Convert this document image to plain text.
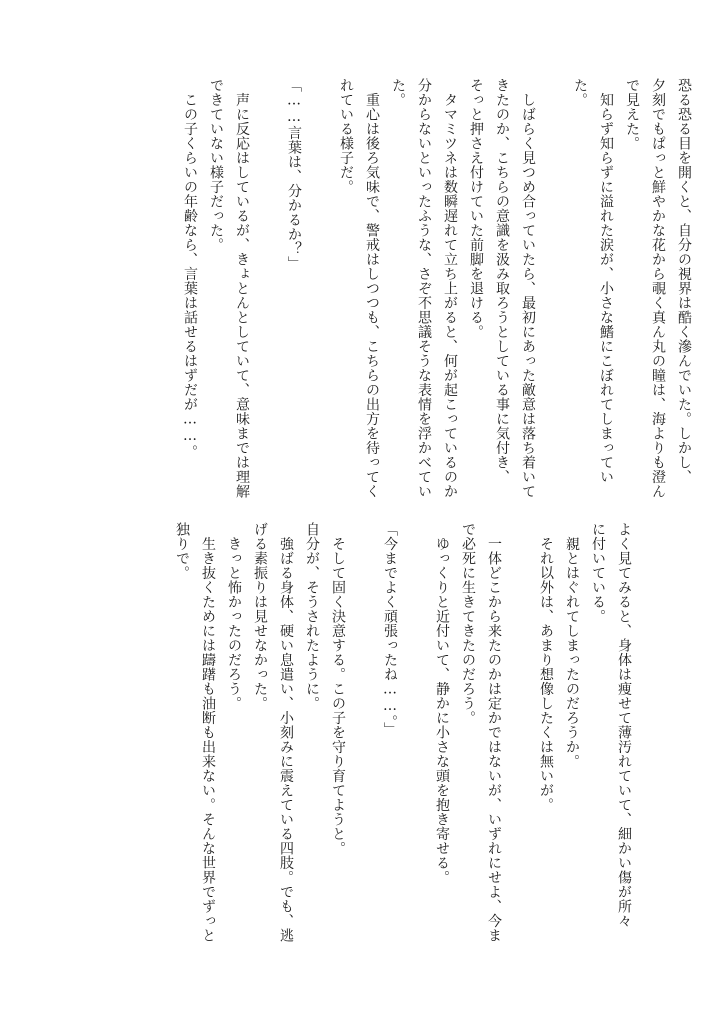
恐る恐る目を開くと、自分の視界は酷く滲んでいた。しかし、

夕刻でもぱっと鮮やかな花から覗く真ん丸の瞳は、海よりも澄ん

で見えた。

　知らず知らずに溢れた涙が、小さな鰭にこぼれてしまってい

た。

　しばらく見つめ合っていたら、最初にあった敵意は落ち着いて

きたのか、こちらの意識を汲み取ろうとしている事に気付き、

そっと押さえ付けていた前脚を退ける。

　タマミツネは数瞬遅れて立ち上がると、何が起こっているのか

分からないといったふうな、さぞ不思議そうな表情を浮かべてい

た。

　重心は後ろ気味で、警戒はしつつも、こちらの出方を待ってく

れている様子だ。

「……言葉は、分かるか？」

　声に反応はしているが、きょとんとしていて、意味までは理解

できていない様子だった。

　この子くらいの年齢なら、言葉は話せるはずだが……。

よく見てみると、身体は痩せて薄汚れていて、細かい傷が所々

に付いている。

　親とはぐれてしまったのだろうか。

　それ以外は、あまり想像したくは無いが。

　一体どこから来たのかは定かではないが、いずれにせよ、今ま

で必死に生きてきたのだろう。

　ゆっくりと近付いて、静かに小さな頭を抱き寄せる。

「今までよく頑張ったね……。」

　そして固く決意する。この子を守り育てようと。

自分が、そうされたように。

　強ばる身体、硬い息遣い、小刻みに震えている四肢。でも、逃

げる素振りは見せなかった。

　きっと怖かったのだろう。

　生き抜くためには躊躇も油断も出来ない。そんな世界でずっと

独りで。
